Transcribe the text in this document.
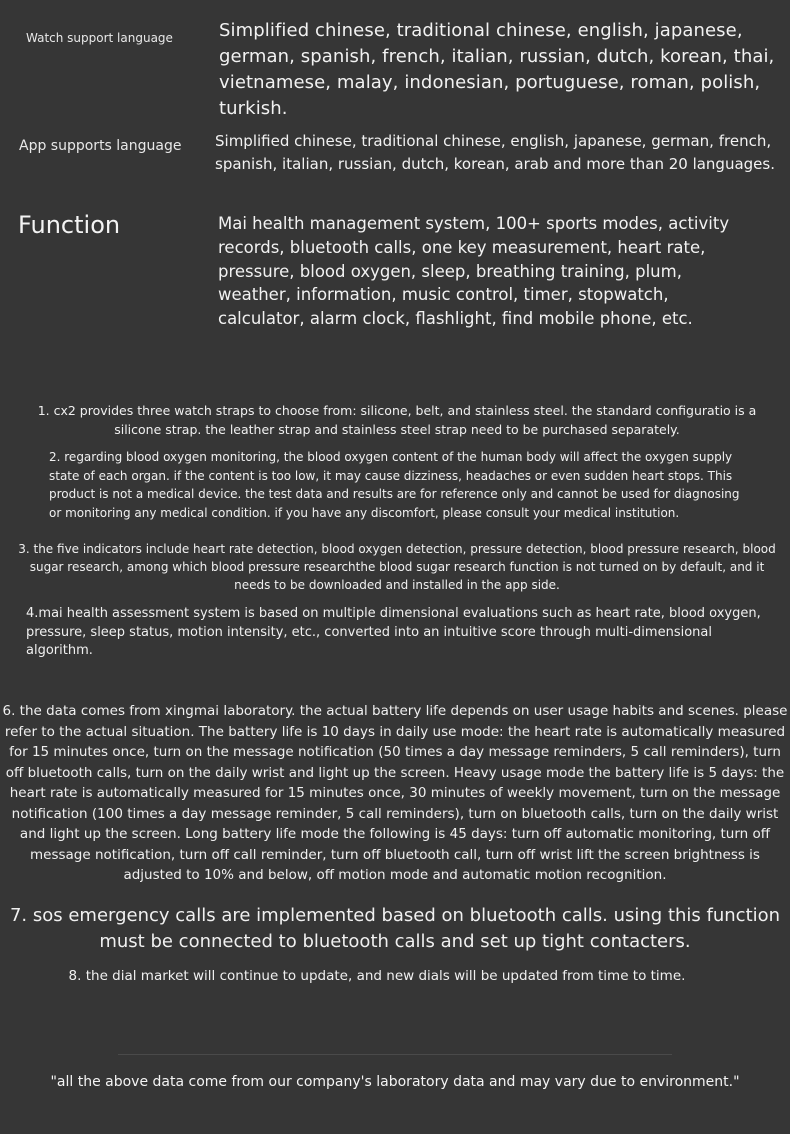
Watch support language	Simplified chinese, traditional chinese, english, japanese, german, spanish, french, italian, russian, dutch, korean, thai, vietnamese, malay, indonesian, portuguese, roman, polish, turkish.
App supports language Simplified chinese, traditional chinese, english, japanese, german, french, spanish, italian, russian, dutch, korean, arab and more than 20 languages.
Function	Mai health management system, 100+ sports modes, activity records, bluetooth calls, one key measurement, heart rate, pressure, blood oxygen, sleep, breathing training, plum, weather, information, music control, timer, stopwatch, calculator, alarm clock, flashlight, find mobile phone, etc.
1. cx2 provides three watch straps to choose from: silicone, belt, and stainless steel. the standard configuratio is a silicone strap. the leather strap and stainless steel strap need to be purchased separately.
2. regarding blood oxygen monitoring, the blood oxygen content of the human body will affect the oxygen supply state of each organ. if the content is too low, it may cause dizziness, headaches or even sudden heart stops. This product is not a medical device. the test data and results are for reference only and cannot be used for diagnosing or monitoring any medical condition. if you have any discomfort, please consult your medical institution.
3. the five indicators include heart rate detection, blood oxygen detection, pressure detection, blood pressure research, blood sugar research, among which blood pressure researchthe blood sugar research function is not turned on by default, and it needs to be downloaded and installed in the app side.
4.mai health assessment system is based on multiple dimensional evaluations such as heart rate, blood oxygen, pressure, sleep status, motion intensity, etc., converted into an intuitive score through multi-dimensional algorithm.
6. the data comes from xingmai laboratory. the actual battery life depends on user usage habits and scenes. please refer to the actual situation. The battery life is 10 days in daily use mode: the heart rate is automatically measured for 15 minutes once, turn on the message notification (50 times a day message reminders, 5 call reminders), turn off bluetooth calls, turn on the daily wrist and light up the screen. Heavy usage mode the battery life is 5 days: the heart rate is automatically measured for 15 minutes once, 30 minutes of weekly movement, turn on the message notification (100 times a day message reminder, 5 call reminders), turn on bluetooth calls, turn on the daily wrist and light up the screen. Long battery life mode the following is 45 days: turn off automatic monitoring, turn off message notification, turn off call reminder, turn off bluetooth call, turn off wrist lift the screen brightness is adjusted to 10% and below, off motion mode and automatic motion recognition.
7. sos emergency calls are implemented based on bluetooth calls. using this function must be connected to bluetooth calls and set up tight contacters.
8. the dial market will continue to update, and new dials will be updated from time to time.
"all the above data come from our company's laboratory data and may vary due to environment."
